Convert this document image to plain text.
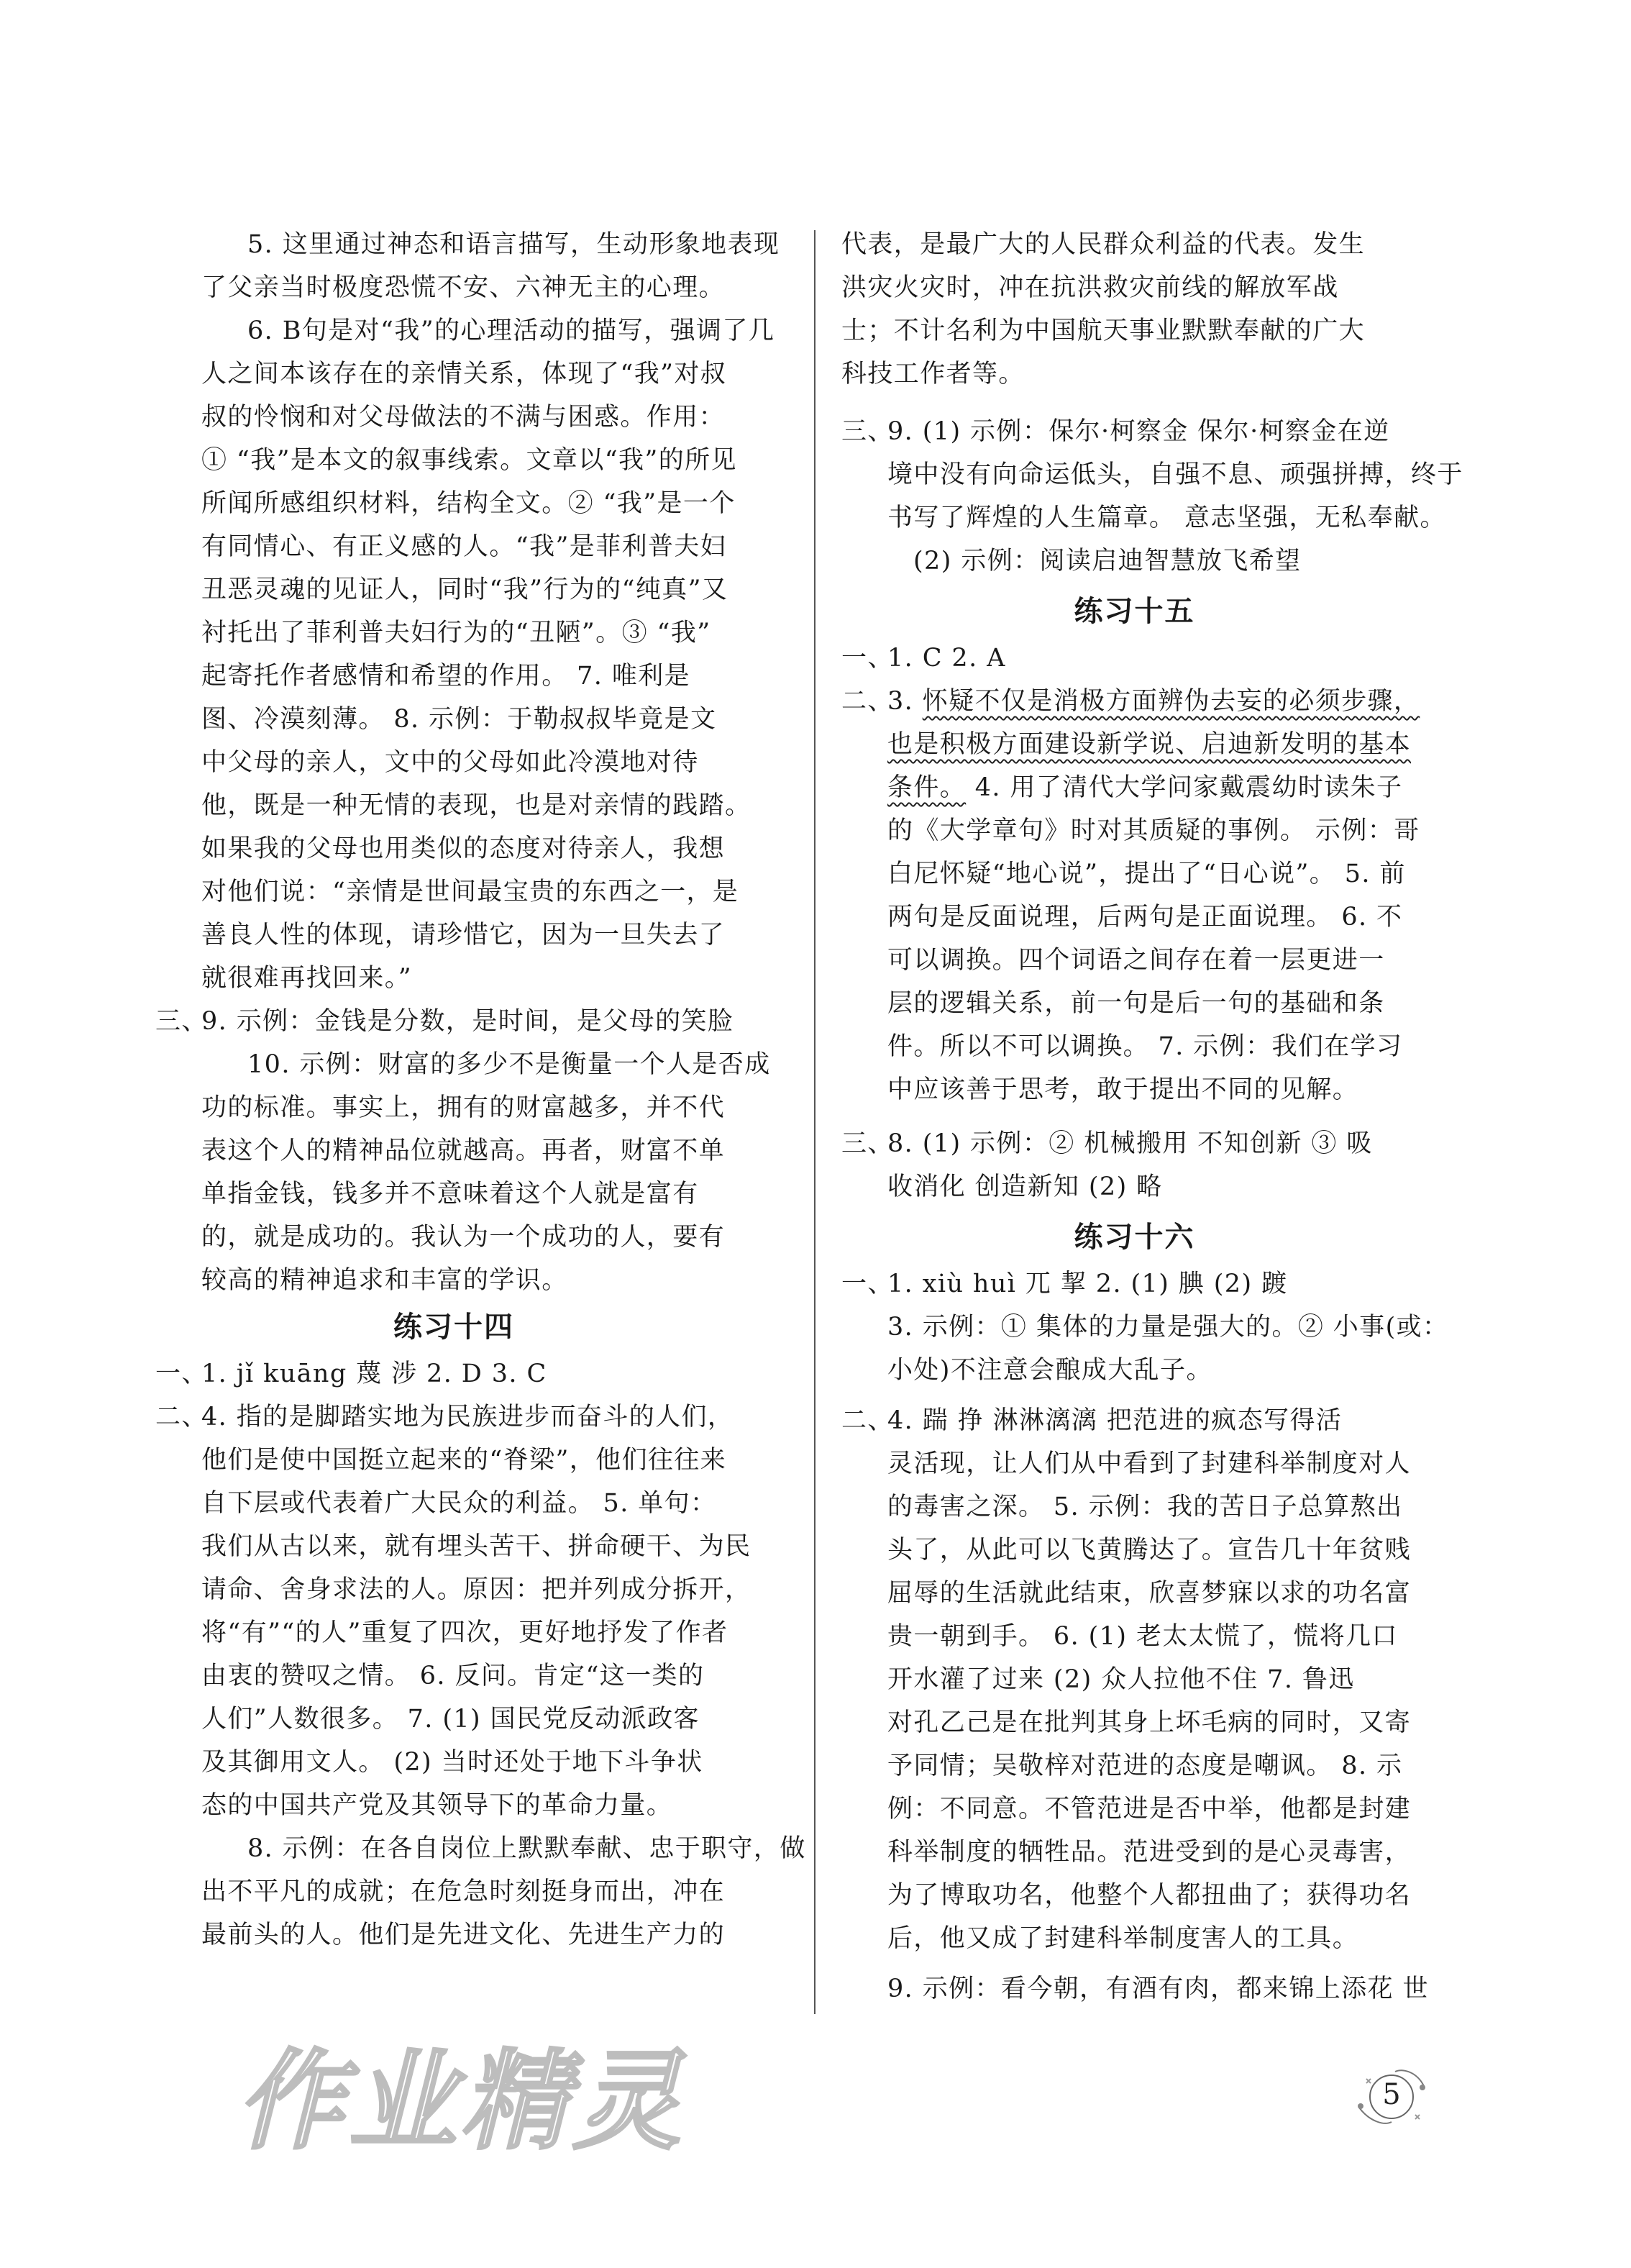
5. 这里通过神态和语言描写，生动形象地表现
了父亲当时极度恐慌不安、六神无主的心理。
6. B句是对“我”的心理活动的描写，强调了几
人之间本该存在的亲情关系，体现了“我”对叔
叔的怜悯和对父母做法的不满与困惑。作用：
① “我”是本文的叙事线索。文章以“我”的所见
所闻所感组织材料，结构全文。② “我”是一个
有同情心、有正义感的人。“我”是菲利普夫妇
丑恶灵魂的见证人，同时“我”行为的“纯真”又
衬托出了菲利普夫妇行为的“丑陋”。③ “我”
起寄托作者感情和希望的作用。 7. 唯利是
图、冷漠刻薄。 8. 示例：于勒叔叔毕竟是文
中父母的亲人，文中的父母如此冷漠地对待
他，既是一种无情的表现，也是对亲情的践踏。
如果我的父母也用类似的态度对待亲人，我想
对他们说：“亲情是世间最宝贵的东西之一，是
善良人性的体现，请珍惜它，因为一旦失去了
就很难再找回来。”
三、
9. 示例：金钱是分数，是时间，是父母的笑脸
10. 示例：财富的多少不是衡量一个人是否成
功的标准。事实上，拥有的财富越多，并不代
表这个人的精神品位就越高。再者，财富不单
单指金钱，钱多并不意味着这个人就是富有
的，就是成功的。我认为一个成功的人，要有
较高的精神追求和丰富的学识。
练习十四
一、
1. jǐ kuāng 蔑 涉 2. D 3. C
二、
4. 指的是脚踏实地为民族进步而奋斗的人们，
他们是使中国挺立起来的“脊梁”，他们往往来
自下层或代表着广大民众的利益。 5. 单句：
我们从古以来，就有埋头苦干、拼命硬干、为民
请命、舍身求法的人。原因：把并列成分拆开，
将“有”“的人”重复了四次，更好地抒发了作者
由衷的赞叹之情。 6. 反问。肯定“这一类的
人们”人数很多。 7. (1) 国民党反动派政客
及其御用文人。 (2) 当时还处于地下斗争状
态的中国共产党及其领导下的革命力量。
8. 示例：在各自岗位上默默奉献、忠于职守，做
出不平凡的成就；在危急时刻挺身而出，冲在
最前头的人。他们是先进文化、先进生产力的
代表，是最广大的人民群众利益的代表。发生
洪灾火灾时，冲在抗洪救灾前线的解放军战
士；不计名利为中国航天事业默默奉献的广大
科技工作者等。
三、
9. (1) 示例：保尔·柯察金 保尔·柯察金在逆
境中没有向命运低头，自强不息、顽强拼搏，终于
书写了辉煌的人生篇章。 意志坚强，无私奉献。
(2) 示例：阅读启迪智慧放飞希望
练习十五
一、
1. C 2. A
二、
3. 怀疑不仅是消极方面辨伪去妄的必须步骤，
也是积极方面建设新学说、启迪新发明的基本
条件。 4. 用了清代大学问家戴震幼时读朱子
的《大学章句》时对其质疑的事例。 示例：哥
白尼怀疑“地心说”，提出了“日心说”。 5. 前
两句是反面说理，后两句是正面说理。 6. 不
可以调换。四个词语之间存在着一层更进一
层的逻辑关系，前一句是后一句的基础和条
件。所以不可以调换。 7. 示例：我们在学习
中应该善于思考，敢于提出不同的见解。
三、
8. (1) 示例：② 机械搬用 不知创新 ③ 吸
收消化 创造新知 (2) 略
练习十六
一、
1. xiù huì 兀 挈 2. (1) 腆 (2) 踱
3. 示例：① 集体的力量是强大的。② 小事(或：
小处)不注意会酿成大乱子。
二、
4. 踹 挣 淋淋漓漓 把范进的疯态写得活
灵活现，让人们从中看到了封建科举制度对人
的毒害之深。 5. 示例：我的苦日子总算熬出
头了，从此可以飞黄腾达了。宣告几十年贫贱
屈辱的生活就此结束，欣喜梦寐以求的功名富
贵一朝到手。 6. (1) 老太太慌了，慌将几口
开水灌了过来 (2) 众人拉他不住 7. 鲁迅
对孔乙己是在批判其身上坏毛病的同时，又寄
予同情；吴敬梓对范进的态度是嘲讽。 8. 示
例：不同意。不管范进是否中举，他都是封建
科举制度的牺牲品。范进受到的是心灵毒害，
为了博取功名，他整个人都扭曲了；获得功名
后，他又成了封建科举制度害人的工具。
9. 示例：看今朝，有酒有肉，都来锦上添花 世
作业精灵	5
